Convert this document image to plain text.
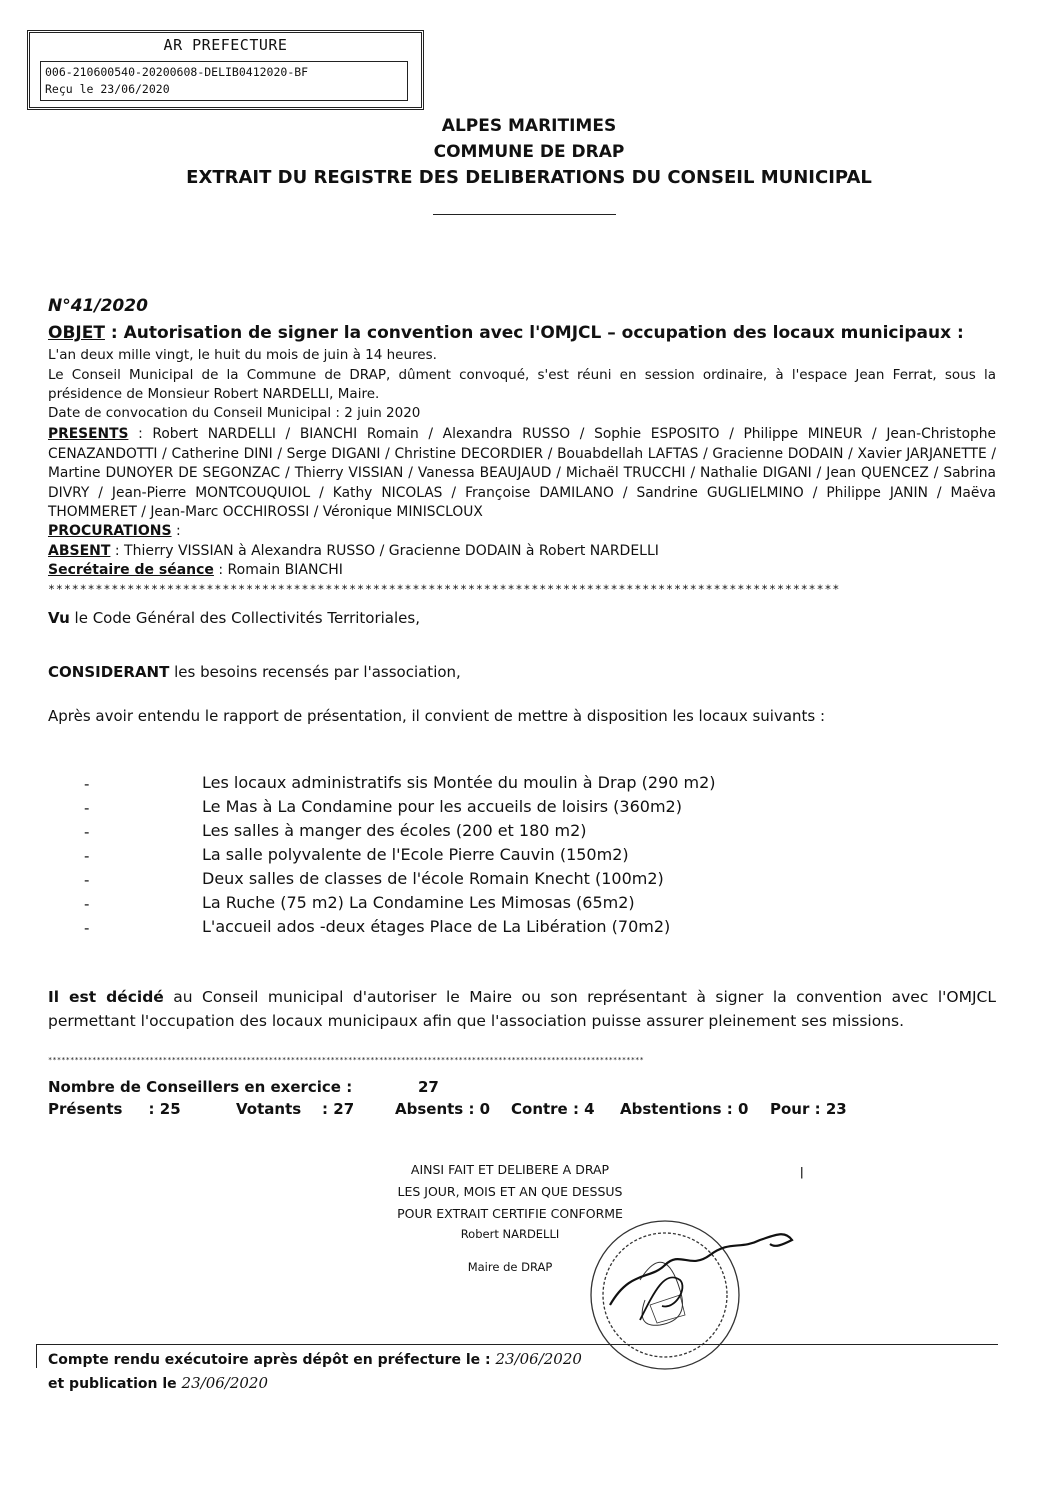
AR PREFECTURE
006-210600540-20200608-DELIB0412020-BF
Reçu le 23/06/2020
ALPES MARITIMES
COMMUNE DE DRAP
EXTRAIT DU REGISTRE DES DELIBERATIONS DU CONSEIL MUNICIPAL
N°41/2020
OBJET : Autorisation de signer la convention avec l'OMJCL – occupation des locaux municipaux :
L'an deux mille vingt, le huit du mois de juin à 14 heures.
Le Conseil Municipal de la Commune de DRAP, dûment convoqué, s'est réuni en session ordinaire, à l'espace Jean Ferrat, sous la présidence de Monsieur Robert NARDELLI, Maire.
Date de convocation du Conseil Municipal : 2 juin 2020
PRESENTS : Robert NARDELLI / BIANCHI Romain / Alexandra RUSSO / Sophie ESPOSITO / Philippe MINEUR / Jean-Christophe CENAZANDOTTI / Catherine DINI / Serge DIGANI / Christine DECORDIER / Bouabdellah LAFTAS / Gracienne DODAIN / Xavier JARJANETTE / Martine DUNOYER DE SEGONZAC / Thierry VISSIAN / Vanessa BEAUJAUD / Michaël TRUCCHI / Nathalie DIGANI / Jean QUENCEZ / Sabrina DIVRY / Jean-Pierre MONTCOUQUIOL / Kathy NICOLAS / Françoise DAMILANO / Sandrine GUGLIELMINO / Philippe JANIN / Maëva THOMMERET / Jean-Marc OCCHIROSSI / Véronique MINISCLOUX
PROCURATIONS :
ABSENT : Thierry VISSIAN à Alexandra RUSSO / Gracienne DODAIN à Robert NARDELLI
Secrétaire de séance : Romain BIANCHI
****************************************************************************************************
Vu le Code Général des Collectivités Territoriales,
CONSIDERANT les besoins recensés par l'association,
Après avoir entendu le rapport de présentation, il convient de mettre à disposition les locaux suivants :
-	Les locaux administratifs sis Montée du moulin à Drap (290 m2)
-	Le Mas à La Condamine pour les accueils de loisirs (360m2)
-	Les salles à manger des écoles (200 et 180 m2)
-	La salle polyvalente de l'Ecole Pierre Cauvin (150m2)
-	Deux salles de classes de l'école Romain Knecht (100m2)
-	La Ruche (75 m2) La Condamine Les Mimosas (65m2)
-	L'accueil ados -deux étages Place de La Libération (70m2)
Il est décidé au Conseil municipal d'autoriser le Maire ou son représentant à signer la convention avec l'OMJCL permettant l'occupation des locaux municipaux afin que l'association puisse assurer pleinement ses missions.
***************************************************************************************************************************************
Nombre de Conseillers en exercice :	27
Présents     : 25	Votants    : 27	Absents : 0 Contre : 4 Abstentions : 0 Pour : 23
AINSI FAIT ET DELIBERE A DRAP
LES JOUR, MOIS ET AN QUE DESSUS
POUR EXTRAIT CERTIFIE CONFORME
Robert NARDELLI
Maire de DRAP
ǀ
Compte rendu exécutoire après dépôt en préfecture le : 23/06/2020
et publication le 23/06/2020
